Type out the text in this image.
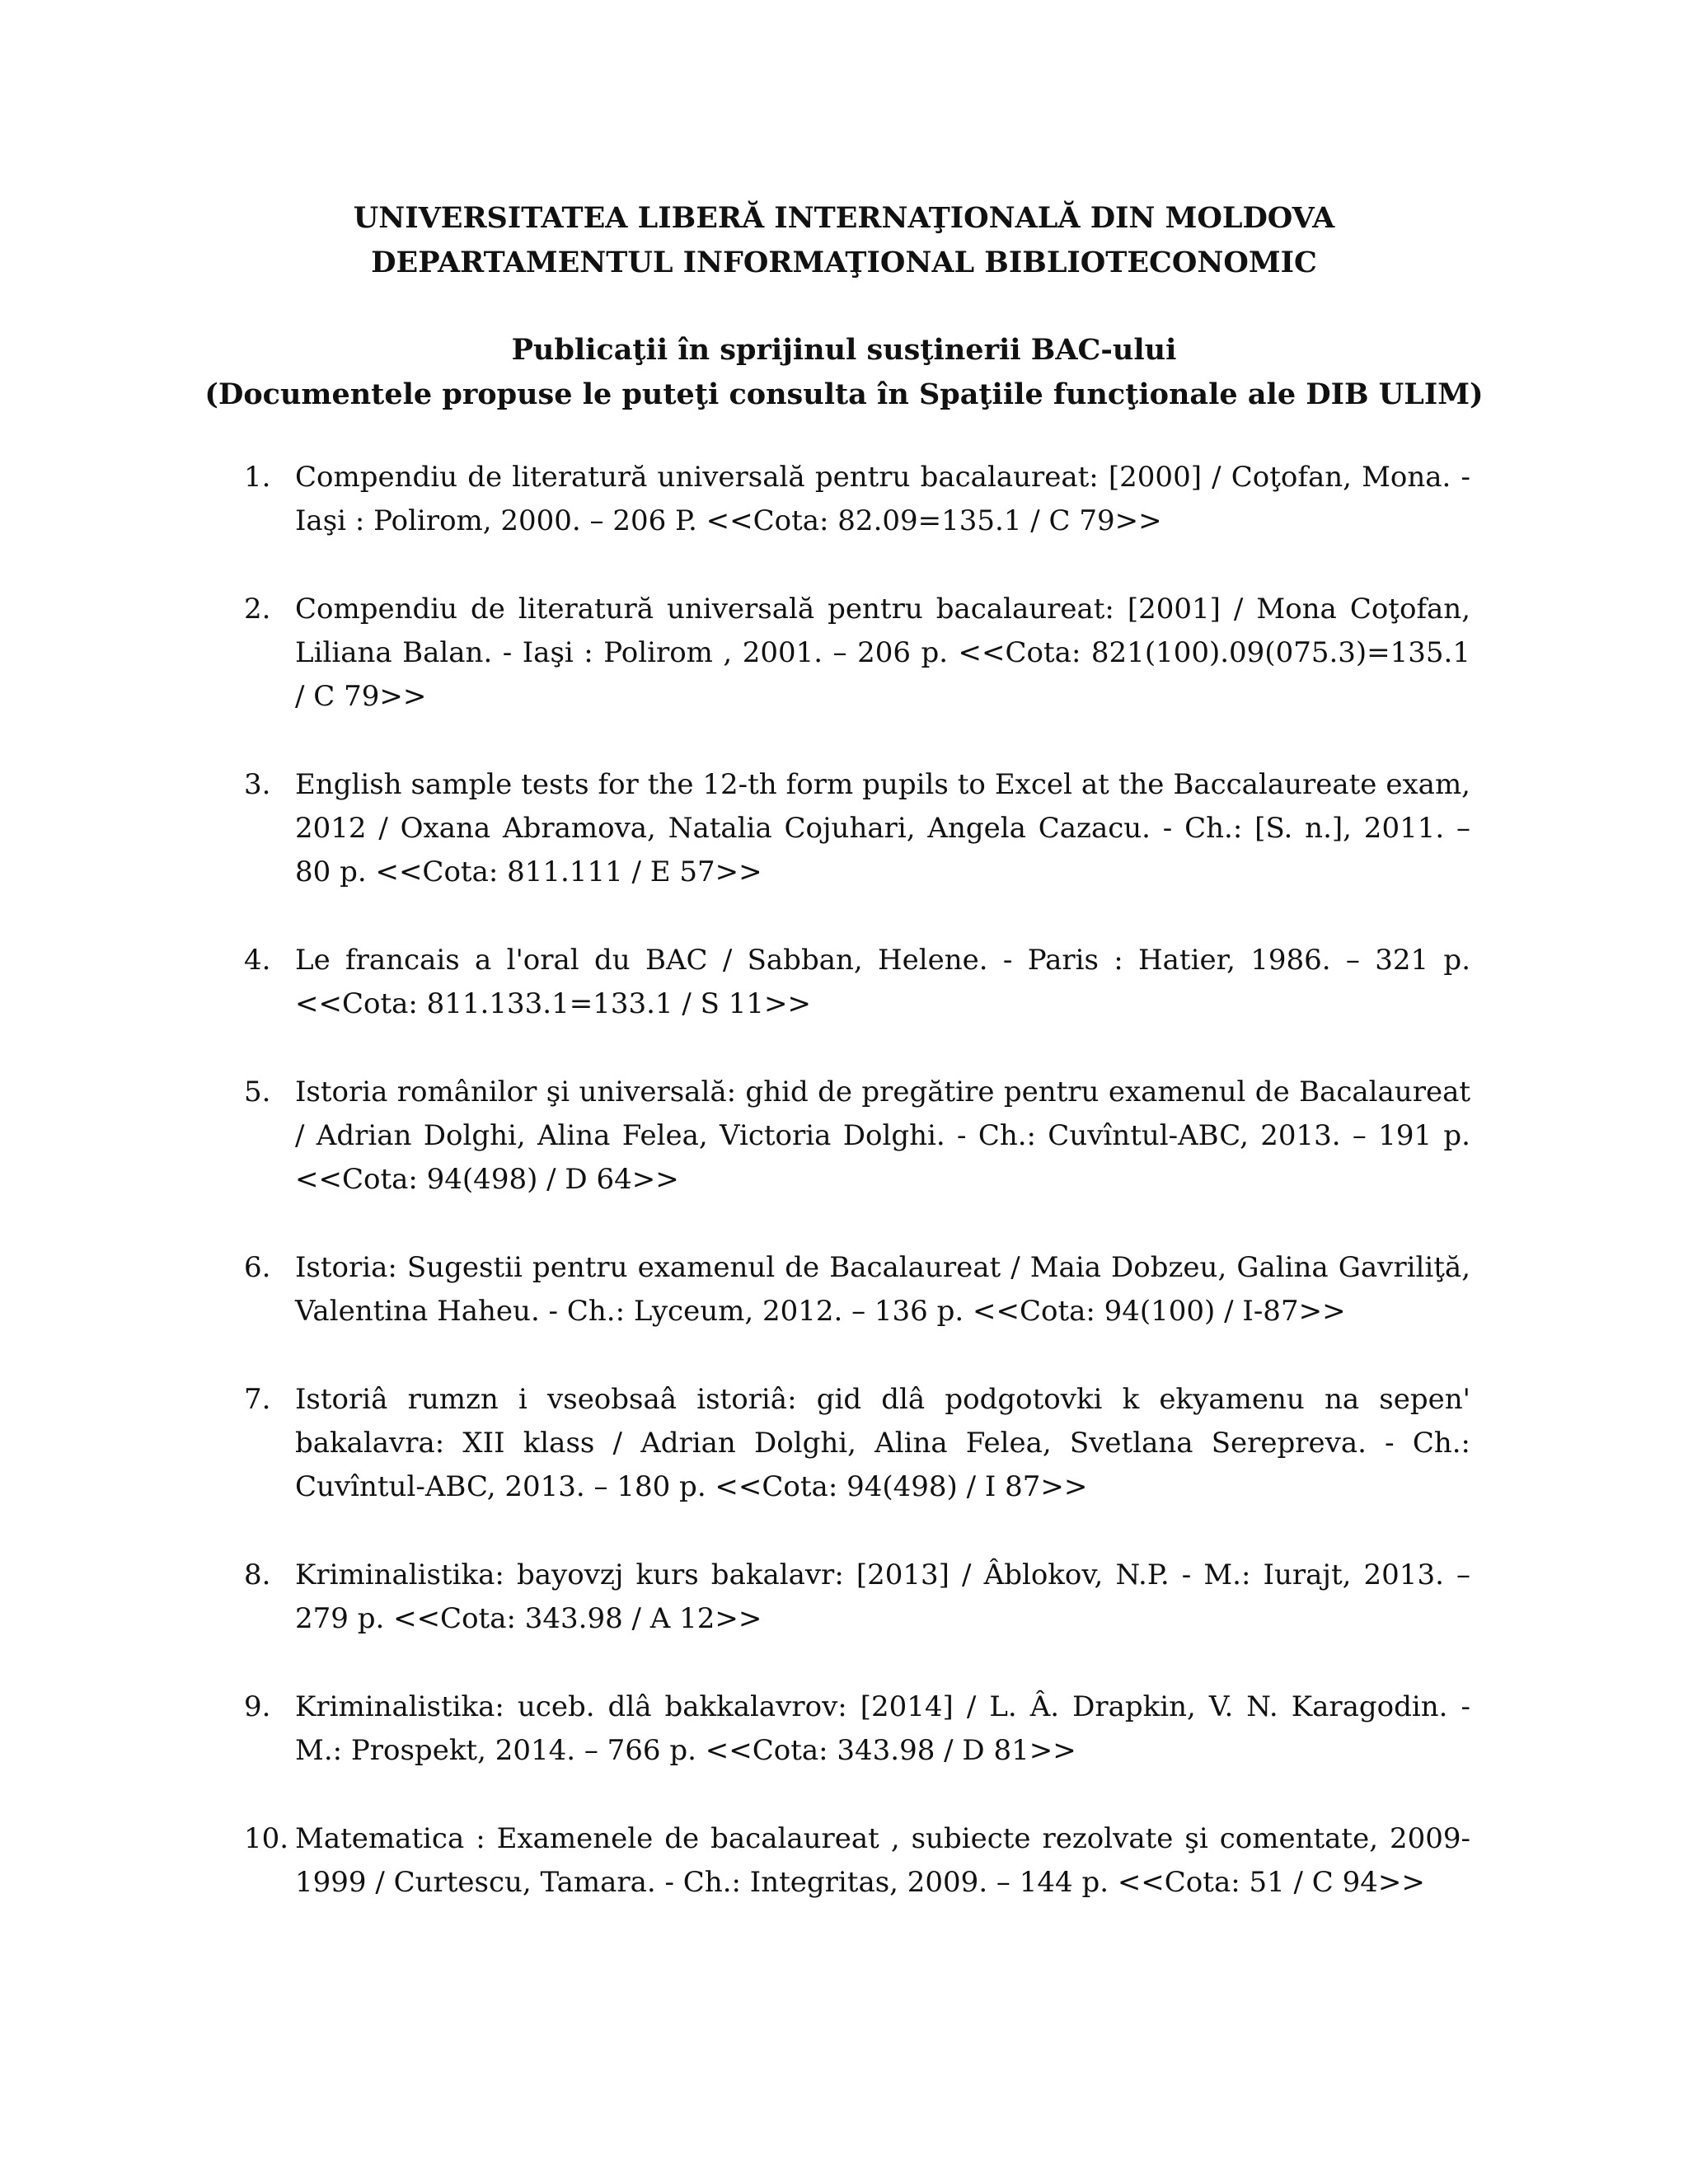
UNIVERSITATEA LIBERĂ INTERNAŢIONALĂ DIN MOLDOVA
DEPARTAMENTUL INFORMAŢIONAL BIBLIOTECONOMIC
Publicaţii în sprijinul susţinerii BAC-ului
(Documentele propuse le puteţi consulta în Spaţiile funcţionale ale DIB ULIM)
1. Compendiu de literatură universală pentru bacalaureat: [2000] / Coţofan, Mona. - Iaşi : Polirom, 2000. – 206 P. <<Cota: 82.09=135.1 / C 79>>
2. Compendiu de literatură universală pentru bacalaureat: [2001] / Mona Coţofan, Liliana Balan. - Iaşi : Polirom , 2001. – 206 p. <<Cota: 821(100).09(075.3)=135.1 / C 79>>
3. English sample tests for the 12-th form pupils to Excel at the Baccalaureate exam, 2012 / Oxana Abramova, Natalia Cojuhari, Angela Cazacu. - Ch.: [S. n.], 2011. – 80 p. <<Cota: 811.111 / E 57>>
4. Le francais a l'oral du BAC / Sabban, Helene. - Paris : Hatier, 1986. – 321 p. <<Cota: 811.133.1=133.1 / S 11>>
5. Istoria românilor şi universală: ghid de pregătire pentru examenul de Bacalaureat / Adrian Dolghi, Alina Felea, Victoria Dolghi. - Ch.: Cuvîntul-ABC, 2013. – 191 p. <<Cota: 94(498) / D 64>>
6. Istoria: Sugestii pentru examenul de Bacalaureat / Maia Dobzeu, Galina Gavriliţă, Valentina Haheu. - Ch.: Lyceum, 2012. – 136 p. <<Cota: 94(100) / I-87>>
7. Istoriâ rumzn i vseobsaâ istoriâ: gid dlâ podgotovki k ekyamenu na sepen' bakalavra: XII klass / Adrian Dolghi, Alina Felea, Svetlana Serepreva. - Ch.: Cuvîntul-ABC, 2013. – 180 p. <<Cota: 94(498) / I 87>>
8. Kriminalistika: bayovzj kurs bakalavr: [2013] / Âblokov, N.P. - M.: Iurajt, 2013. – 279 p. <<Cota: 343.98 / A 12>>
9. Kriminalistika: uceb. dlâ bakkalavrov: [2014] / L. Â. Drapkin, V. N. Karagodin. - M.: Prospekt, 2014. – 766 p. <<Cota: 343.98 / D 81>>
10. Matematica : Examenele de bacalaureat , subiecte rezolvate şi comentate, 2009-1999 / Curtescu, Tamara. - Ch.: Integritas, 2009. – 144 p. <<Cota: 51 / C 94>>
